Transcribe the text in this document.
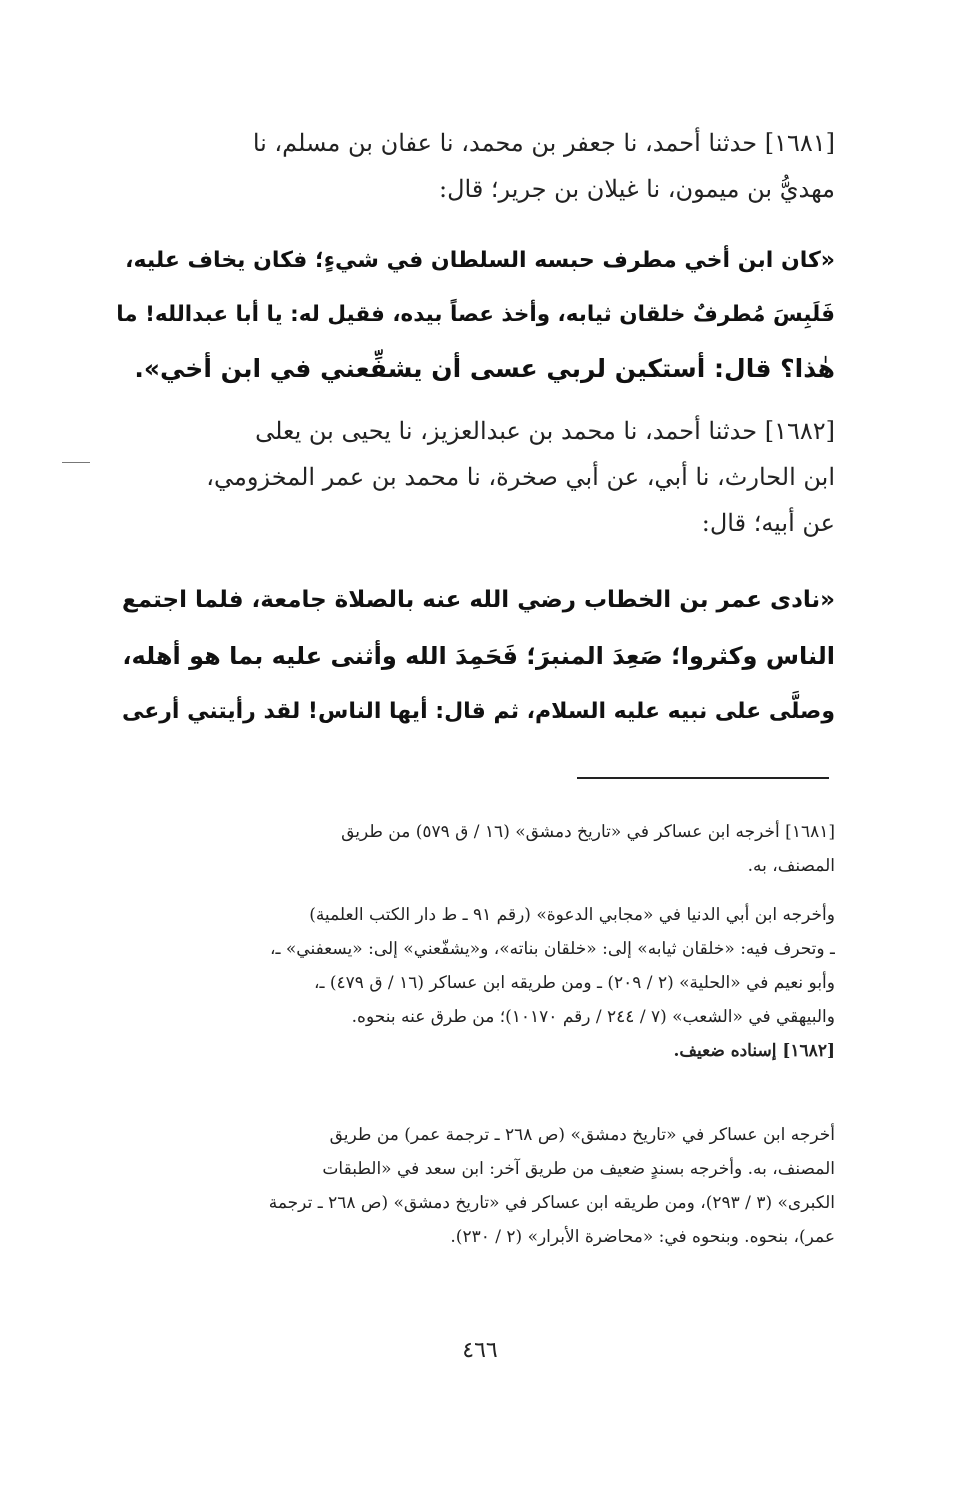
[١٦٨١] حدثنا أحمد، نا جعفر بن محمد، نا عفان بن مسلم، نا
مهديُّ بن ميمون، نا غيلان بن جرير؛ قال:
«كان ابن أخي مطرف حبسه السلطان في شيءٍ؛ فكان يخاف عليه،
فَلَبِسَ مُطرفٌ خلقان ثيابه، وأخذ عصاً بيده، فقيل له: يا أبا عبدالله! ما
هٰذا؟ قال: أستكين لربي عسى أن يشفِّعني في ابن أخي».
[١٦٨٢] حدثنا أحمد، نا محمد بن عبدالعزيز، نا يحيى بن يعلى
ابن الحارث، نا أبي، عن أبي صخرة، نا محمد بن عمر المخزومي،
عن أبيه؛ قال:
«نادى عمر بن الخطاب رضي الله عنه بالصلاة جامعة، فلما اجتمع
الناس وكثروا؛ صَعِدَ المنبرَ؛ فَحَمِدَ الله وأثنى عليه بما هو أهله،
وصلَّى على نبيه عليه السلام، ثم قال: أيها الناس! لقد رأيتني أرعى
[١٦٨١] أخرجه ابن عساكر في «تاريخ دمشق» (١٦ / ق ٥٧٩) من طريق
المصنف، به.
وأخرجه ابن أبي الدنيا في «مجابي الدعوة» (رقم ٩١ ـ ط دار الكتب العلمية)
ـ وتحرف فيه: «خلقان ثيابه» إلى: «خلقان بناته»، و«يشفّعني» إلى: «يسعفني» ـ،
وأبو نعيم في «الحلية» (٢ / ٢٠٩) ـ ومن طريقه ابن عساكر (١٦ / ق ٤٧٩) ـ،
والبيهقي في «الشعب» (٧ / ٢٤٤ / رقم ١٠١٧٠)؛ من طرق عنه بنحوه.
[١٦٨٢] إسناده ضعيف.
أخرجه ابن عساكر في «تاريخ دمشق» (ص ٢٦٨ ـ ترجمة عمر) من طريق
المصنف، به. وأخرجه بسندٍ ضعيف من طريق آخر: ابن سعد في «الطبقات
الكبرى» (٣ / ٢٩٣)، ومن طريقه ابن عساكر في «تاريخ دمشق» (ص ٢٦٨ ـ ترجمة
عمر)، بنحوه. وبنحوه في: «محاضرة الأبرار» (٢ / ٢٣٠).
٤٦٦
